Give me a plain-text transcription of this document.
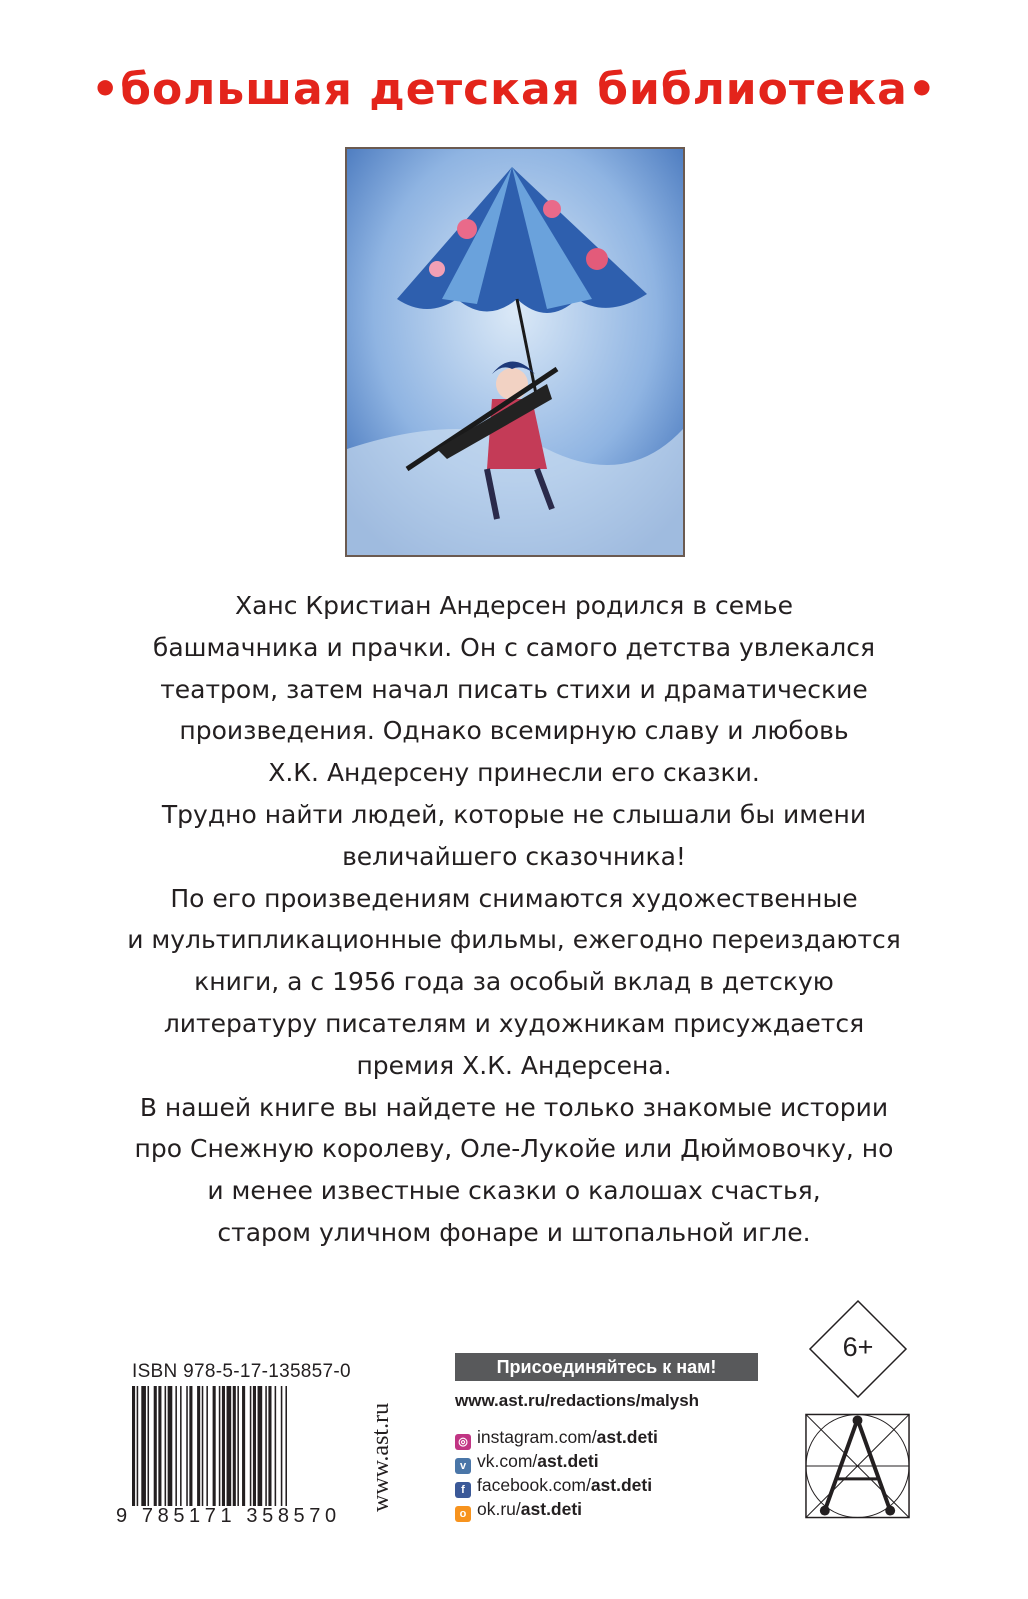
•большая детская библиотека•

Ханс Кристиан Андерсен родился в семье

башмачника и прачки. Он с самого детства увлекался

театром, затем начал писать стихи и драматические

произведения. Однако всемирную славу и любовь

Х.К. Андерсену принесли его сказки.

Трудно найти людей, которые не слышали бы имени

величайшего сказочника!

По его произведениям снимаются художественные

и мультипликационные фильмы, ежегодно переиздаются

книги, а с 1956 года за особый вклад в детскую

литературу писателям и художникам присуждается

премия Х.К. Андерсена.

В нашей книге вы найдете не только знакомые истории

про Снежную королеву, Оле-Лукойе или Дюймовочку, но

и менее известные сказки о калошах счастья,

старом уличном фонаре и штопальной игле.

ISBN 978-5-17-135857-0
9 785171 358570
www.ast.ru
Присоединяйтесь к нам!
www.ast.ru/redactions/malysh
◎ instagram.com/ast.deti
v vk.com/ast.deti
f facebook.com/ast.deti
o ok.ru/ast.deti
6+
